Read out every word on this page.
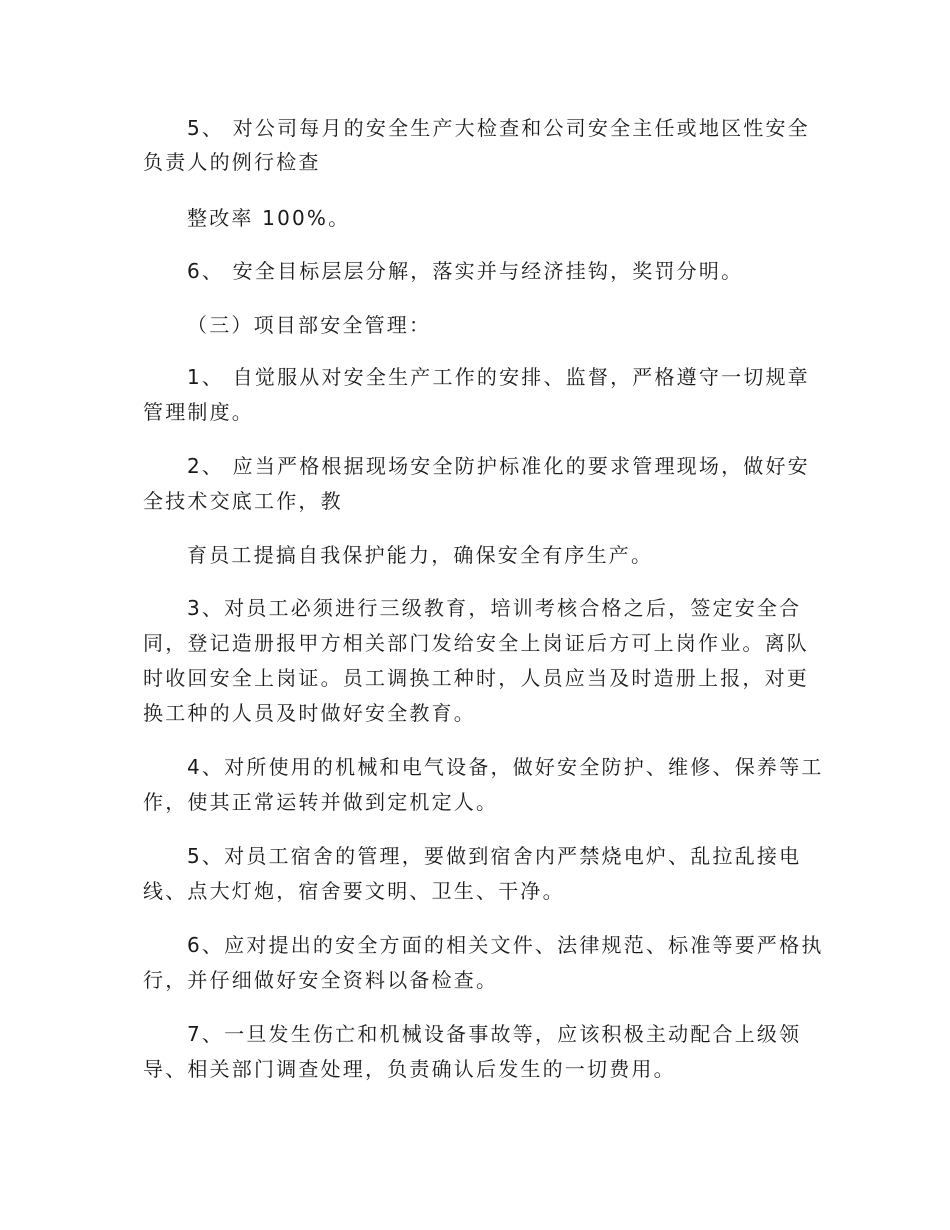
5、 对公司每月的安全生产大检查和公司安全主任或地区性安全
负责人的例行检查
整改率 100%。
6、 安全目标层层分解，落实并与经济挂钩，奖罚分明。
（三）项目部安全管理：
1、 自觉服从对安全生产工作的安排、监督，严格遵守一切规章
管理制度。
2、 应当严格根据现场安全防护标准化的要求管理现场，做好安
全技术交底工作，教
育员工提搞自我保护能力，确保安全有序生产。
3、对员工必须进行三级教育，培训考核合格之后，签定安全合
同，登记造册报甲方相关部门发给安全上岗证后方可上岗作业。离队
时收回安全上岗证。员工调换工种时，人员应当及时造册上报，对更
换工种的人员及时做好安全教育。
4、对所使用的机械和电气设备，做好安全防护、维修、保养等工
作，使其正常运转并做到定机定人。
5、对员工宿舍的管理，要做到宿舍内严禁烧电炉、乱拉乱接电
线、点大灯炮，宿舍要文明、卫生、干净。
6、应对提出的安全方面的相关文件、法律规范、标准等要严格执
行，并仔细做好安全资料以备检查。
7、一旦发生伤亡和机械设备事故等，应该积极主动配合上级领
导、相关部门调查处理，负责确认后发生的一切费用。
